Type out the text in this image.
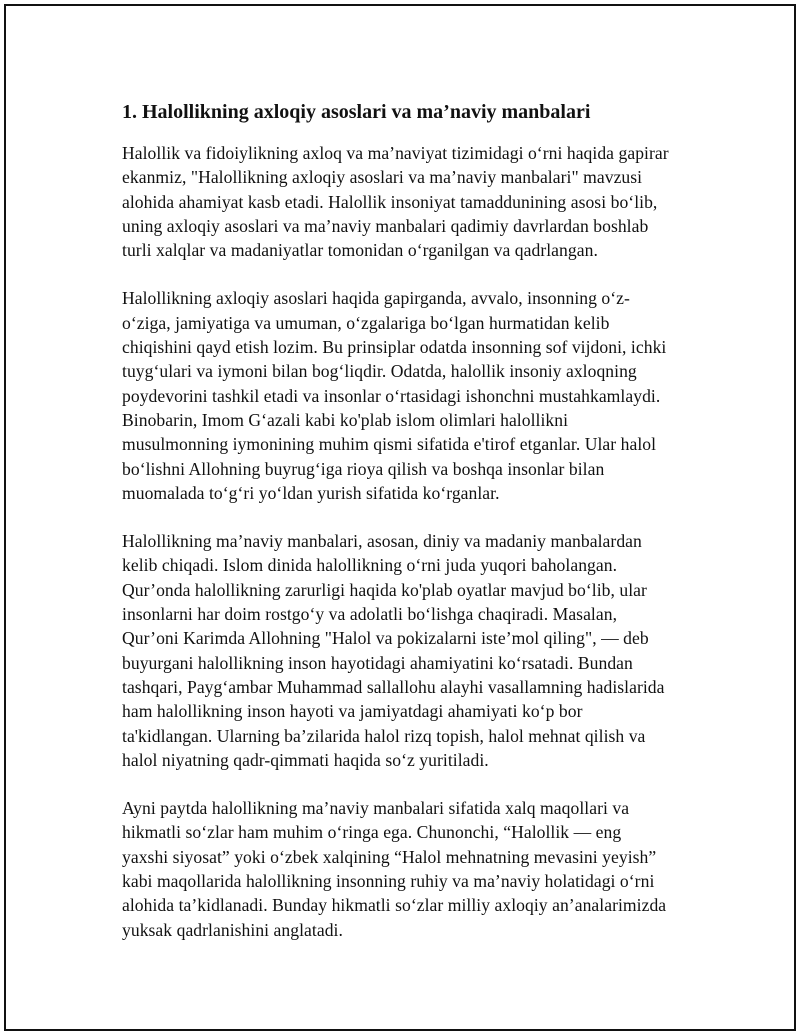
1. Halollikning axloqiy asoslari va ma’naviy manbalari
Halollik va fidoiylikning axloq va ma’naviyat tizimidagi o‘rni haqida gapirar
ekanmiz, "Halollikning axloqiy asoslari va ma’naviy manbalari" mavzusi
alohida ahamiyat kasb etadi. Halollik insoniyat tamaddunining asosi bo‘lib,
uning axloqiy asoslari va ma’naviy manbalari qadimiy davrlardan boshlab
turli xalqlar va madaniyatlar tomonidan o‘rganilgan va qadrlangan.
Halollikning axloqiy asoslari haqida gapirganda, avvalo, insonning o‘z-
o‘ziga, jamiyatiga va umuman, o‘zgalariga bo‘lgan hurmatidan kelib
chiqishini qayd etish lozim. Bu prinsiplar odatda insonning sof vijdoni, ichki
tuyg‘ulari va iymoni bilan bog‘liqdir. Odatda, halollik insoniy axloqning
poydevorini tashkil etadi va insonlar o‘rtasidagi ishonchni mustahkamlaydi.
Binobarin, Imom G‘azali kabi ko'plab islom olimlari halollikni
musulmonning iymonining muhim qismi sifatida e'tirof etganlar. Ular halol
bo‘lishni Allohning buyrug‘iga rioya qilish va boshqa insonlar bilan
muomalada to‘g‘ri yo‘ldan yurish sifatida ko‘rganlar.
Halollikning ma’naviy manbalari, asosan, diniy va madaniy manbalardan
kelib chiqadi. Islom dinida halollikning o‘rni juda yuqori baholangan.
Qur’onda halollikning zarurligi haqida ko'plab oyatlar mavjud bo‘lib, ular
insonlarni har doim rostgo‘y va adolatli bo‘lishga chaqiradi. Masalan,
Qur’oni Karimda Allohning "Halol va pokizalarni iste’mol qiling", — deb
buyurgani halollikning inson hayotidagi ahamiyatini ko‘rsatadi. Bundan
tashqari, Payg‘ambar Muhammad sallallohu alayhi vasallamning hadislarida
ham halollikning inson hayoti va jamiyatdagi ahamiyati ko‘p bor
ta'kidlangan. Ularning ba’zilarida halol rizq topish, halol mehnat qilish va
halol niyatning qadr-qimmati haqida so‘z yuritiladi.
Ayni paytda halollikning ma’naviy manbalari sifatida xalq maqollari va
hikmatli so‘zlar ham muhim o‘ringa ega. Chunonchi, “Halollik — eng
yaxshi siyosat” yoki o‘zbek xalqining “Halol mehnatning mevasini yeyish”
kabi maqollarida halollikning insonning ruhiy va ma’naviy holatidagi o‘rni
alohida ta’kidlanadi. Bunday hikmatli so‘zlar milliy axloqiy an’analarimizda
yuksak qadrlanishini anglatadi.
